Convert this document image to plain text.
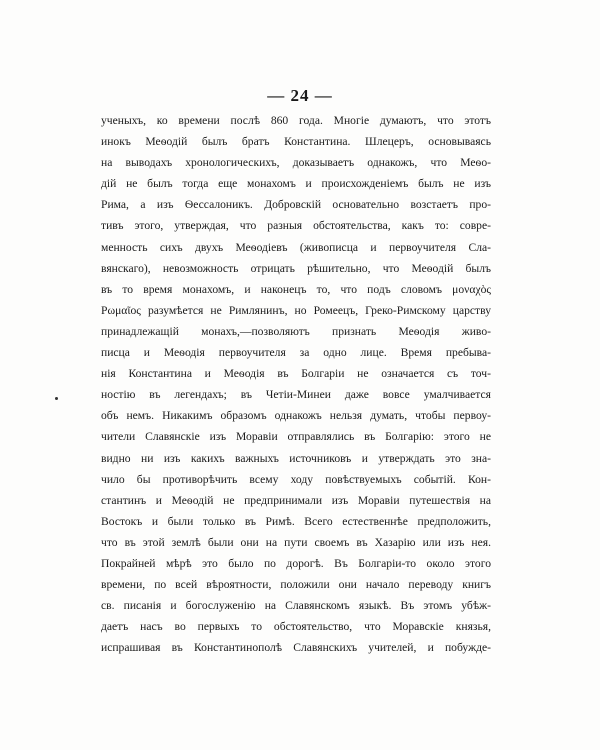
— 24 —
ученыхъ, ко времени послѣ 860 года. Многіе думаютъ, что этотъ
инокъ Меѳодій былъ братъ Константина. Шлецеръ, основываясь
на выводахъ хронологическихъ, доказываетъ однакожъ, что Меѳо-
дій не былъ тогда еще монахомъ и происхожденіемъ былъ не изъ
Рима, а изъ Ѳессалоникъ. Добровскій основательно возстаетъ про-
тивъ этого, утверждая, что разныя обстоятельства, какъ то: совре-
менность сихъ двухъ Меѳодіевъ (живописца и первоучителя Сла-
вянскаго), невозможность отрицать рѣшительно, что Меѳодій былъ
въ то время монахомъ, и наконецъ то, что подъ словомъ μοναχὸς
Ρωμαῖος разумѣется не Римлянинъ, но Ромеецъ, Греко-Римскому царству
принадлежащій монахъ,—позволяютъ признать Меѳодія живо-
писца и Меѳодія первоучителя за одно лице. Время пребыва-
нія Константина и Меѳодія въ Болгаріи не означается съ точ-
ностію въ легендахъ; въ Четіи-Минеи даже вовсе умалчивается
объ немъ. Никакимъ образомъ однакожъ нельзя думать, чтобы первоу-
чители Славянскіе изъ Моравіи отправлялись въ Болгарію: этого не
видно ни изъ какихъ важныхъ источниковъ и утверждать это зна-
чило бы противорѣчить всему ходу повѣствуемыхъ событій. Кон-
стантинъ и Меѳодій не предпринимали изъ Моравіи путешествія на
Востокъ и были только въ Римѣ. Всего естественнѣе предположить,
что въ этой землѣ были они на пути своемъ въ Хазарію или изъ нея.
Покрайней мѣрѣ это было по дорогѣ. Въ Болгаріи-то около этого
времени, по всей вѣроятности, положили они начало переводу книгъ
св. писанія и богослуженію на Славянскомъ языкѣ. Въ этомъ убѣж-
даетъ насъ во первыхъ то обстоятельство, что Моравскіе князья,
испрашивая въ Константинополѣ Славянскихъ учителей, и побужде-
